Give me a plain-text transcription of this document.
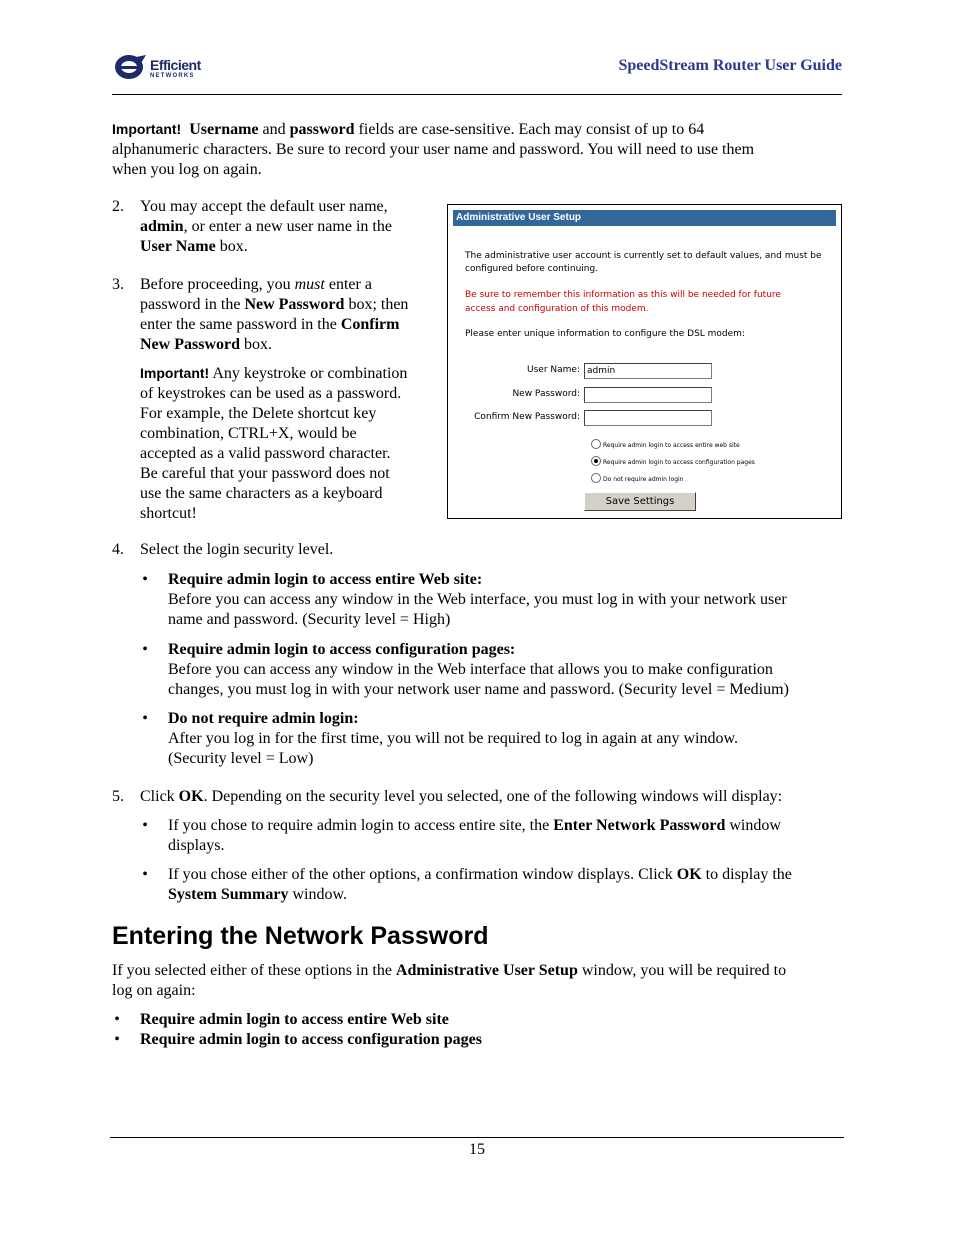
Efficient
NETWORKS
SpeedStream Router User Guide
Important! Username and password fields are case-sensitive. Each may consist of up to 64
alphanumeric characters. Be sure to record your user name and password. You will need to use them
when you log on again.
2.	You may accept the default user name,
admin, or enter a new user name in the
User Name box.
3.	Before proceeding, you must enter a
password in the New Password box; then
enter the same password in the Confirm
New Password box.
Important! Any keystroke or combination
of keystrokes can be used as a password.
For example, the Delete shortcut key
combination, CTRL+X, would be
accepted as a valid password character.
Be careful that your password does not
use the same characters as a keyboard
shortcut!
Administrative User Setup
The administrative user account is currently set to default values, and must be
configured before continuing.
Be sure to remember this information as this will be needed for future
access and configuration of this modem.
Please enter unique information to configure the DSL modem:
User Name: admin
New Password:
Confirm New Password:
Require admin login to access entire web site
Require admin login to access configuration pages
Do not require admin login
Save Settings
4.	Select the login security level.
• Require admin login to access entire Web site:
Before you can access any window in the Web interface, you must log in with your network user
name and password. (Security level = High)
• Require admin login to access configuration pages:
Before you can access any window in the Web interface that allows you to make configuration
changes, you must log in with your network user name and password. (Security level = Medium)
• Do not require admin login:
After you log in for the first time, you will not be required to log in again at any window.
(Security level = Low)
5.	Click OK. Depending on the security level you selected, one of the following windows will display:
• If you chose to require admin login to access entire site, the Enter Network Password window
displays.
• If you chose either of the other options, a confirmation window displays. Click OK to display the
System Summary window.
Entering the Network Password
If you selected either of these options in the Administrative User Setup window, you will be required to
log on again:
• Require admin login to access entire Web site
• Require admin login to access configuration pages
15
